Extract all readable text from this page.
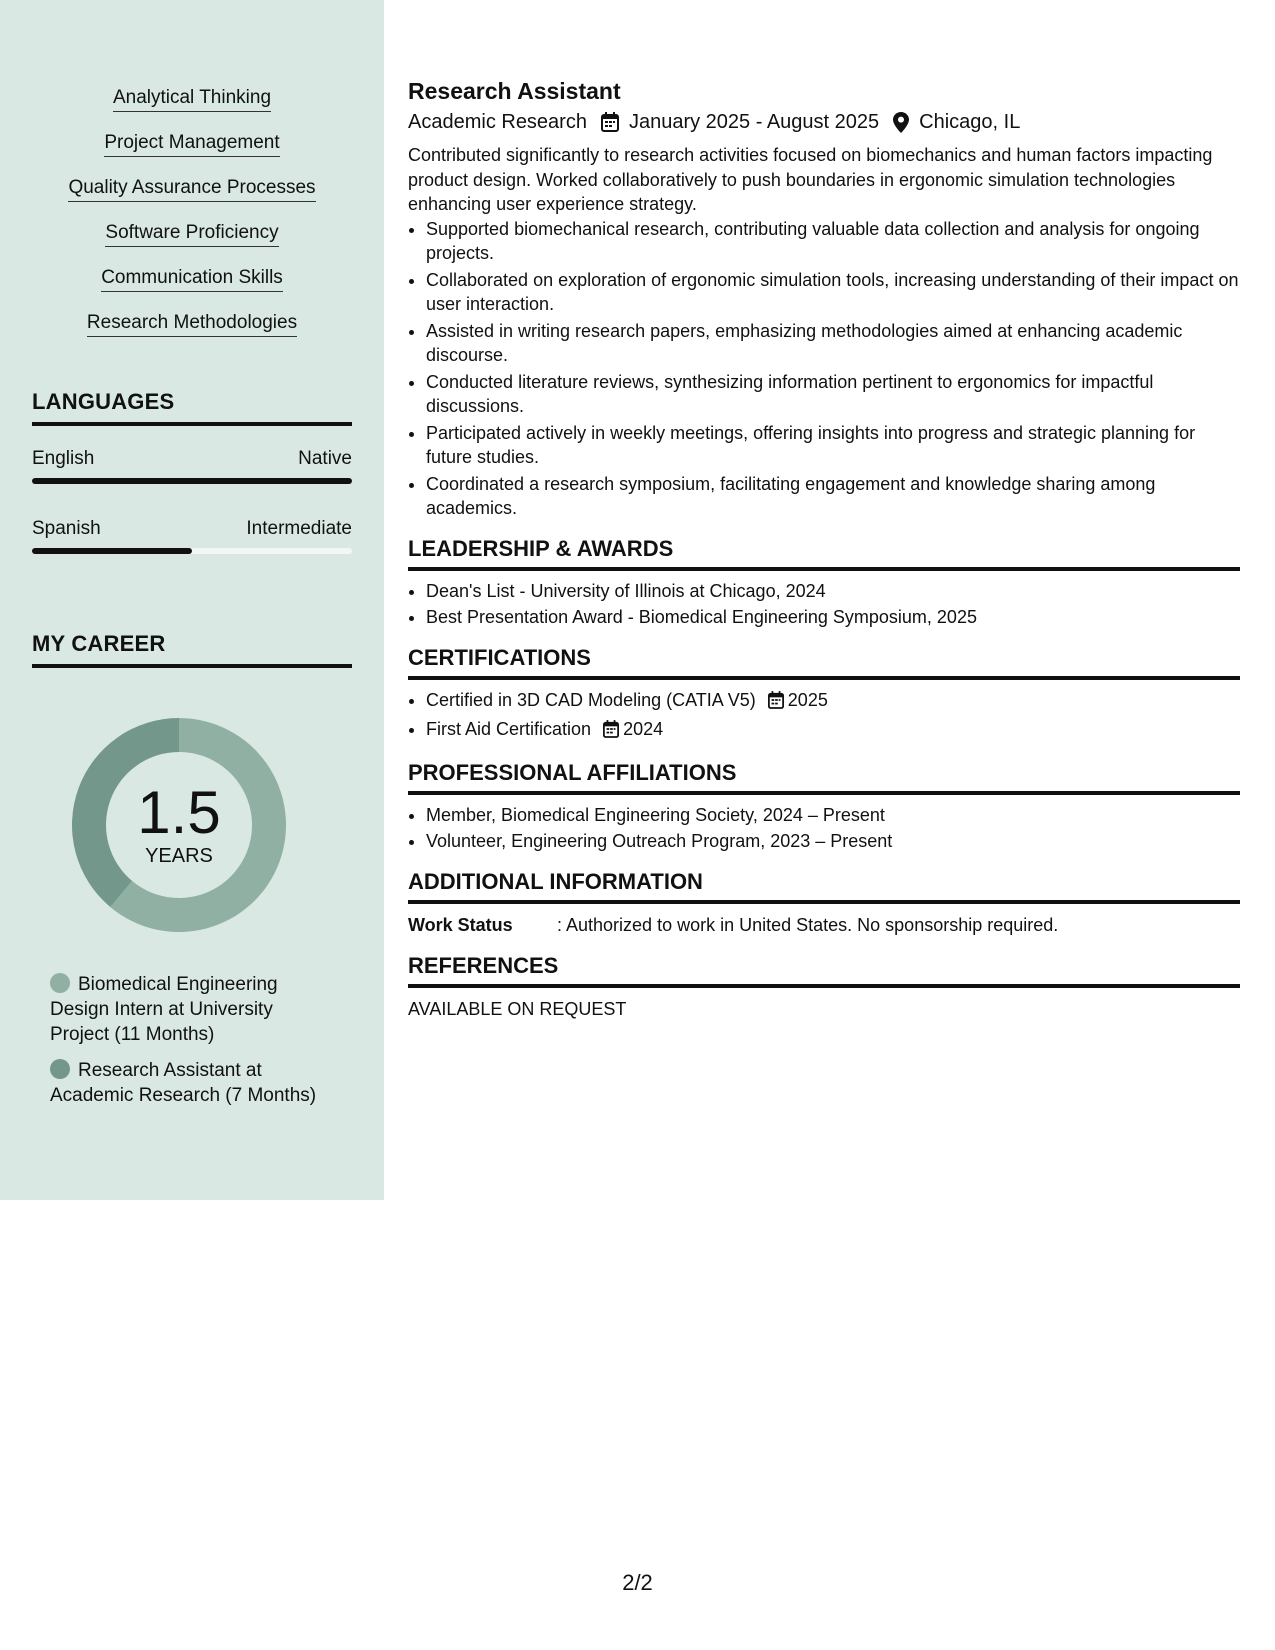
Analytical Thinking
Project Management
Quality Assurance Processes
Software Proficiency
Communication Skills
Research Methodologies
LANGUAGES
English	Native
Spanish	Intermediate
MY CAREER
1.5
YEARS
Biomedical Engineering Design Intern at University Project (11 Months)
Research Assistant at Academic Research (7 Months)
Research Assistant
Academic Research January 2025 - August 2025 Chicago, IL
Contributed significantly to research activities focused on biomechanics and human factors impacting product design. Worked collaboratively to push boundaries in ergonomic simulation technologies enhancing user experience strategy.
• Supported biomechanical research, contributing valuable data collection and analysis for ongoing projects.
• Collaborated on exploration of ergonomic simulation tools, increasing understanding of their impact on user interaction.
• Assisted in writing research papers, emphasizing methodologies aimed at enhancing academic discourse.
• Conducted literature reviews, synthesizing information pertinent to ergonomics for impactful discussions.
• Participated actively in weekly meetings, offering insights into progress and strategic planning for future studies.
• Coordinated a research symposium, facilitating engagement and knowledge sharing among academics.
LEADERSHIP & AWARDS
• Dean's List - University of Illinois at Chicago, 2024
• Best Presentation Award - Biomedical Engineering Symposium, 2025
CERTIFICATIONS
• Certified in 3D CAD Modeling (CATIA V5) 2025
• First Aid Certification 2024
PROFESSIONAL AFFILIATIONS
• Member, Biomedical Engineering Society, 2024 – Present
• Volunteer, Engineering Outreach Program, 2023 – Present
ADDITIONAL INFORMATION
Work Status : Authorized to work in United States. No sponsorship required.
REFERENCES
AVAILABLE ON REQUEST
2/2
